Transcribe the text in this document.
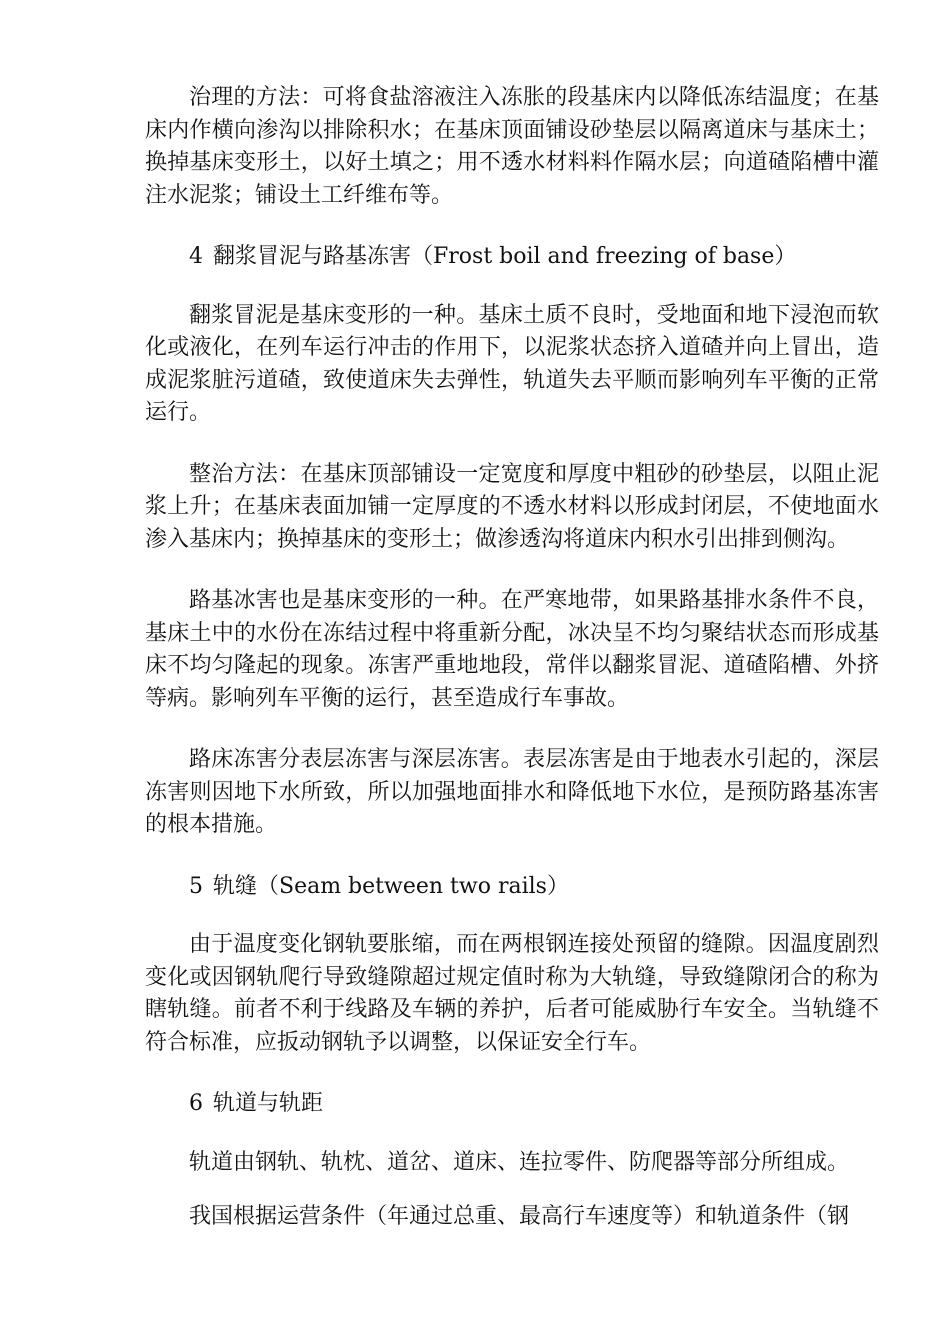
治理的方法：可将食盐溶液注入冻胀的段基床内以降低冻结温度；在基床内作横向渗沟以排除积水；在基床顶面铺设砂垫层以隔离道床与基床土；换掉基床变形土，以好土填之；用不透水材料料作隔水层；向道碴陷槽中灌注水泥浆；铺设土工纤维布等。

4 翻浆冒泥与路基冻害（Frost boil and freezing of base）

翻浆冒泥是基床变形的一种。基床土质不良时，受地面和地下浸泡而软化或液化，在列车运行冲击的作用下，以泥浆状态挤入道碴并向上冒出，造成泥浆脏污道碴，致使道床失去弹性，轨道失去平顺而影响列车平衡的正常运行。

整治方法：在基床顶部铺设一定宽度和厚度中粗砂的砂垫层，以阻止泥浆上升；在基床表面加铺一定厚度的不透水材料以形成封闭层，不使地面水渗入基床内；换掉基床的变形土；做渗透沟将道床内积水引出排到侧沟。

路基冰害也是基床变形的一种。在严寒地带，如果路基排水条件不良，基床土中的水份在冻结过程中将重新分配，冰决呈不均匀聚结状态而形成基床不均匀隆起的现象。冻害严重地地段，常伴以翻浆冒泥、道碴陷槽、外挤等病。影响列车平衡的运行，甚至造成行车事故。

路床冻害分表层冻害与深层冻害。表层冻害是由于地表水引起的，深层冻害则因地下水所致，所以加强地面排水和降低地下水位，是预防路基冻害的根本措施。

5 轨缝（Seam between two rails）

由于温度变化钢轨要胀缩，而在两根钢连接处预留的缝隙。因温度剧烈变化或因钢轨爬行导致缝隙超过规定值时称为大轨缝，导致缝隙闭合的称为瞎轨缝。前者不利于线路及车辆的养护，后者可能威胁行车安全。当轨缝不符合标准，应扳动钢轨予以调整，以保证安全行车。

6 轨道与轨距

轨道由钢轨、轨枕、道岔、道床、连拉零件、防爬器等部分所组成。

我国根据运营条件（年通过总重、最高行车速度等）和轨道条件（钢
